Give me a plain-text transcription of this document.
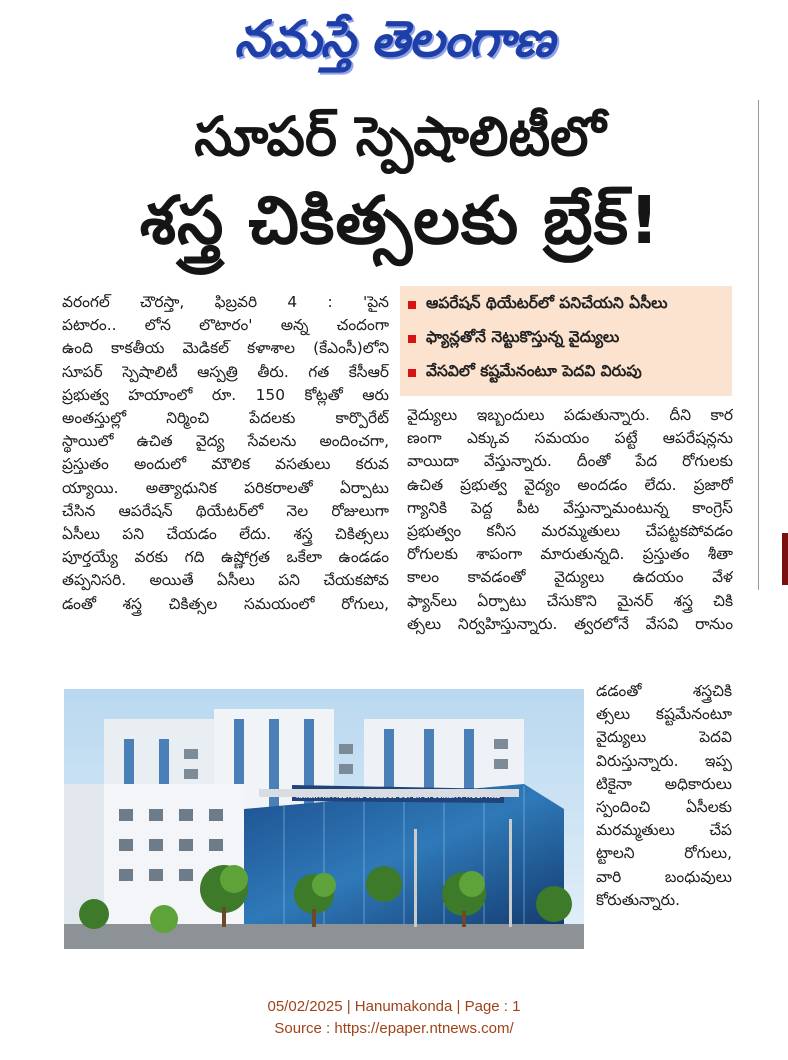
నమస్తే తెలంగాణ
సూపర్ స్పెషాలిటీలో
శస్త్ర చికిత్సలకు బ్రేక్!
వరంగల్ చౌరస్తా, ఫిబ్రవరి 4 : 'పైన
పటారం.. లోన లొటారం' అన్న చందంగా
ఉంది కాకతీయ మెడికల్ కళాశాల (కేఎంసీ)లోని
సూపర్ స్పెషాలిటీ ఆస్పత్రి తీరు. గత కేసీఆర్
ప్రభుత్వ హయాంలో రూ. 150 కోట్లతో ఆరు
అంతస్తుల్లో నిర్మించి పేదలకు కార్పొరేట్
స్థాయిలో ఉచిత వైద్య సేవలను అందించగా,
ప్రస్తుతం అందులో మౌలిక వసతులు కరువ
య్యాయి. అత్యాధునిక పరికరాలతో ఏర్పాటు
చేసిన ఆపరేషన్ థియేటర్‌లో నెల రోజులుగా
ఏసీలు పని చేయడం లేదు. శస్త్ర చికిత్సలు
పూర్తయ్యే వరకు గది ఉష్ణోగ్రత ఒకేలా ఉండడం
తప్పనిసరి. అయితే ఏసీలు పని చేయకపోవ
డంతో శస్త్ర చికిత్సల సమయంలో రోగులు,
ఆపరేషన్ థియేటర్‌లో పనిచేయని ఏసీలు
ఫ్యాన్లతోనే నెట్టుకొస్తున్న వైద్యులు
వేసవిలో కష్టమేనంటూ పెదవి విరుపు
వైద్యులు ఇబ్బందులు పడుతున్నారు. దీని కార
ణంగా ఎక్కువ సమయం పట్టే ఆపరేషన్లను
వాయిదా వేస్తున్నారు. దీంతో పేద రోగులకు
ఉచిత ప్రభుత్వ వైద్యం అందడం లేదు. ప్రజారో
గ్యానికి పెద్ద పీట వేస్తున్నామంటున్న కాంగ్రెస్
ప్రభుత్వం కనీస మరమ్మతులు చేపట్టకపోవడం
రోగులకు శాపంగా మారుతున్నది. ప్రస్తుతం శీతా
కాలం కావడంతో వైద్యులు ఉదయం వేళ
ఫ్యాన్‌లు ఏర్పాటు చేసుకొని మైనర్ శస్త్ర చికి
త్సలు నిర్వహిస్తున్నారు. త్వరలోనే వేసవి రానుం
డడంతో శస్త్రచికి
త్సలు కష్టమేనంటూ
వైద్యులు పెదవి
విరుస్తున్నారు. ఇప్ప
టికైనా అధికారులు
స్పందించి ఏసీలకు
మరమ్మతులు చేప
ట్టాలని రోగులు,
వారి బంధువులు
కోరుతున్నారు.
05/02/2025 | Hanumakonda | Page : 1
Source : https://epaper.ntnews.com/
